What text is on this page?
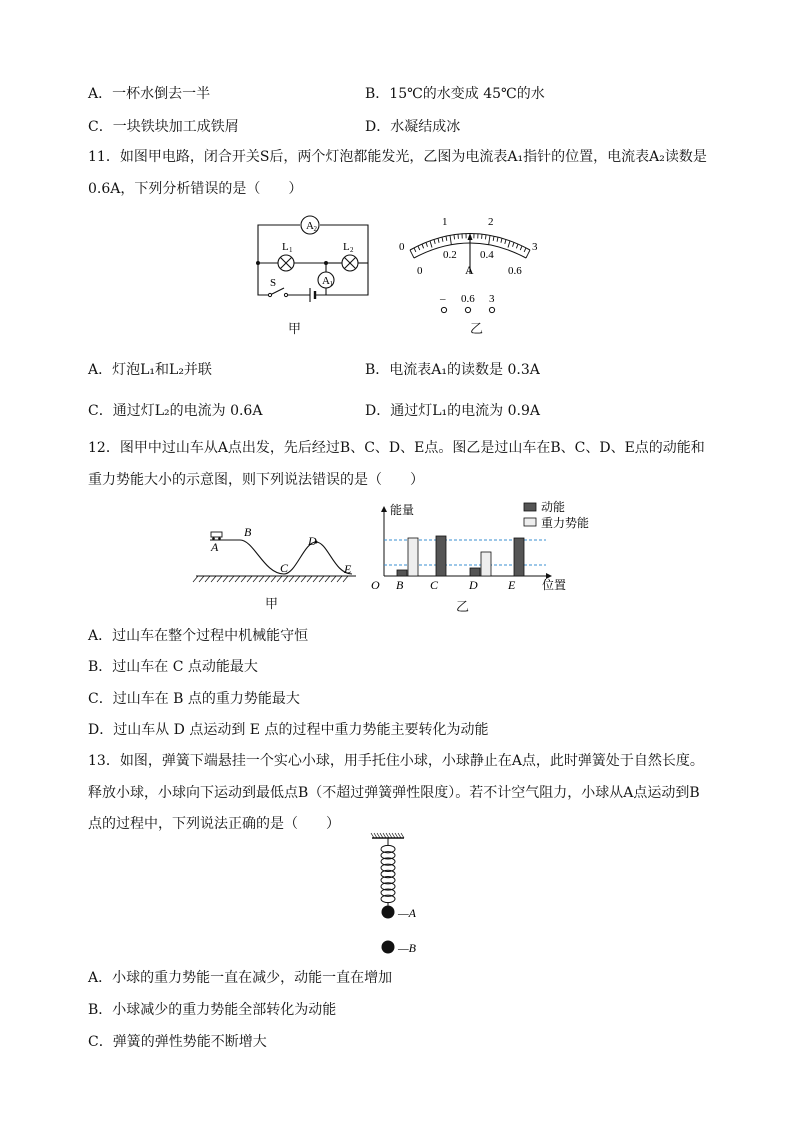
A．一杯水倒去一半	B．15℃的水变成 45℃的水
C．一块铁块加工成铁屑	D．水凝结成冰
11．如图甲电路，闭合开关S后，两个灯泡都能发光，乙图为电流表A₁指针的位置，电流表A₂读数是
0.6A，下列分析错误的是（　　）
A 2
A 1
L 1	L 2
S
甲
0
1	2
3
0
0.2 0.4
0.6
A
– 0.6 3
乙
A．灯泡L₁和L₂并联	B．电流表A₁的读数是 0.3A
C．通过灯L₂的电流为 0.6A	D．通过灯L₁的电流为 0.9A
12．图甲中过山车从A点出发，先后经过B、C、D、E点。图乙是过山车在B、C、D、E点的动能和
重力势能大小的示意图，则下列说法错误的是（　　）
A
B
C
D
E
甲
能量
O	位置
B C	D	E
动能
重力势能
乙
A．过山车在整个过程中机械能守恒
B．过山车在 C 点动能最大
C．过山车在 B 点的重力势能最大
D．过山车从 D 点运动到 E 点的过程中重力势能主要转化为动能
13．如图，弹簧下端悬挂一个实心小球，用手托住小球，小球静止在A点，此时弹簧处于自然长度。
释放小球，小球向下运动到最低点B（不超过弹簧弹性限度）。若不计空气阻力，小球从A点运动到B
点的过程中，下列说法正确的是（　　）
—A
—B
A．小球的重力势能一直在减少，动能一直在增加
B．小球减少的重力势能全部转化为动能
C．弹簧的弹性势能不断增大
